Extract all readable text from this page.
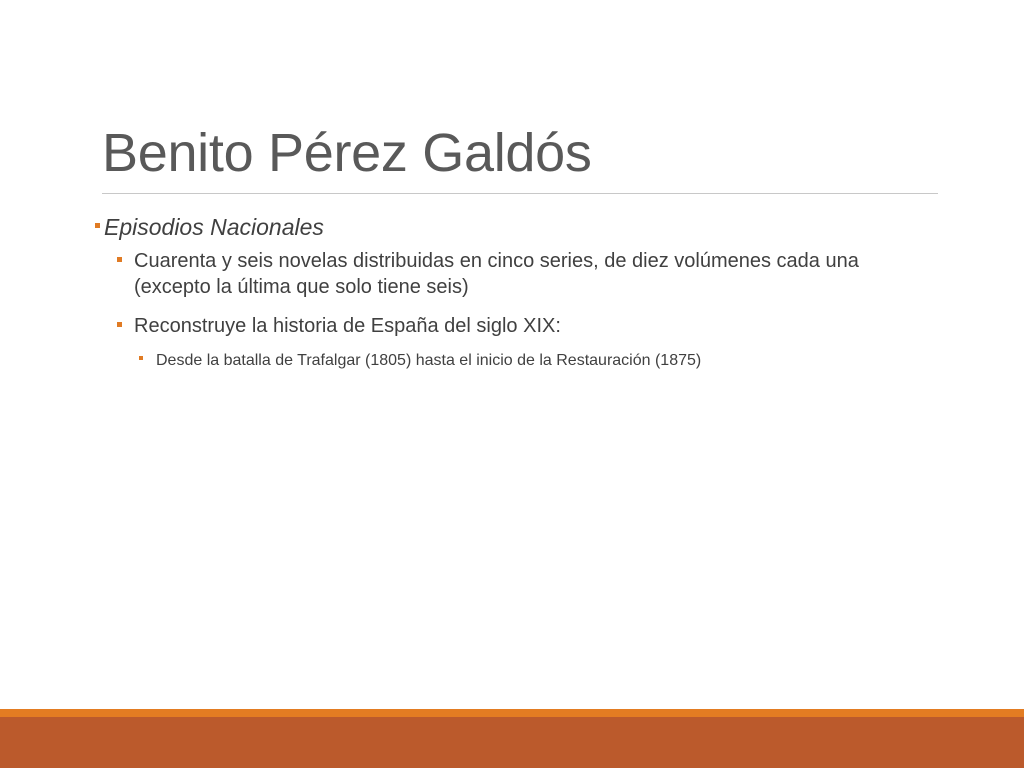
Benito Pérez Galdós
Episodios Nacionales
Cuarenta y seis novelas distribuidas en cinco series, de diez volúmenes cada una (excepto la última que solo tiene seis)
Reconstruye la historia de España del siglo XIX:
Desde la batalla de Trafalgar (1805) hasta el inicio de la Restauración (1875)
